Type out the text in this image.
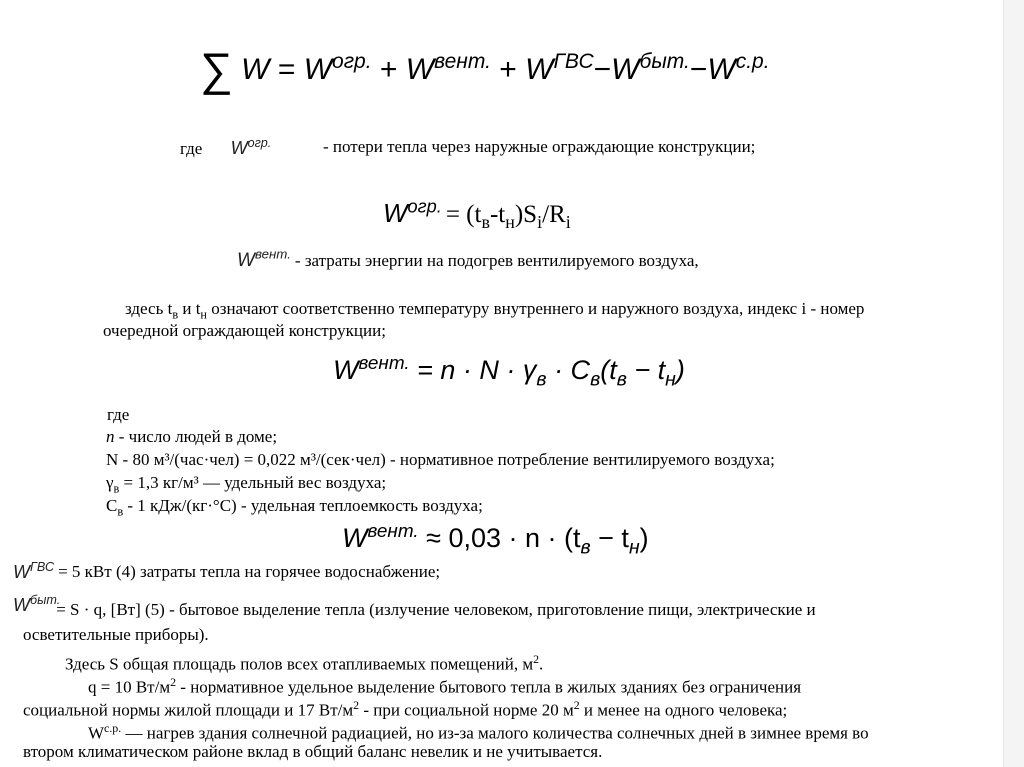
∑ $W = W^{огр.} + W^{вент.} + W^{ГВС}-W^{быт.}-W^{с.р.}$
где $W^{огр.}$	- потери тепла через наружные ограждающие конструкции;
$W^{огр.} = (t_в-t_н)S_i/R_i$
$W^{вент.}$ - затраты энергии на подогрев вентилируемого воздуха,
здесь $t_в$ и $t_н$ означают соответственно температуру внутреннего и наружного воздуха, индекс i - номер
очередной ограждающей конструкции;
$W^{вент.} = n \cdot N \cdot \gamma_в \cdot C_в(t_в - t_н)$
где
n - число людей в доме;
N - 80 м³/(час·чел) = 0,022 м³/(сек·чел) - нормативное потребление вентилируемого воздуха;
$\gamma_в = 1,3$ кг/м³ — удельный вес воздуха;
$С_в - 1$ кДж/(кг·°С) - удельная теплоемкость воздуха;
$W^{вент.} \approx 0,03 \cdot n \cdot (t_в - t_н)$
$W^{ГВС} = 5$ кВт (4) затраты тепла на горячее водоснабжение;
$W^{быт.} = S \cdot q$, [Вт] (5) - бытовое выделение тепла (излучение человеком, приготовление пищи, электрические и
осветительные приборы).
Здесь S общая площадь полов всех отапливаемых помещений, $м^2$.
q = 10 $Вт/м^2$ - нормативное удельное выделение бытового тепла в жилых зданиях без ограничения
социальной нормы жилой площади и 17 $Вт/м^2$ - при социальной норме 20 $м^2$ и менее на одного человека;
$W^{с.р.}$ — нагрев здания солнечной радиацией, но из-за малого количества солнечных дней в зимнее время во
втором климатическом районе вклад в общий баланс невелик и не учитывается.
